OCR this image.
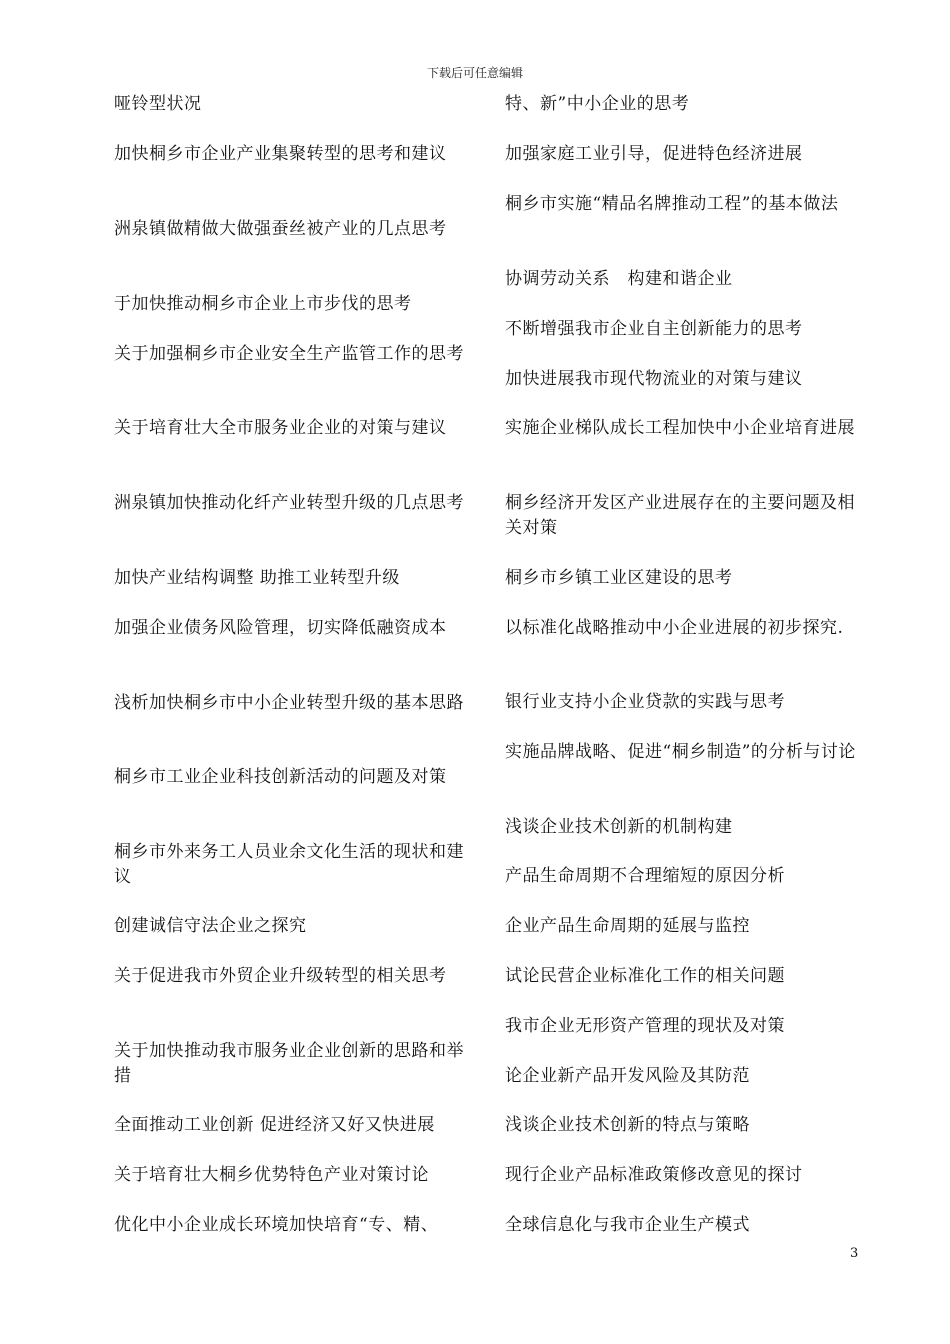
下载后可任意编辑
哑铃型状况
加快桐乡市企业产业集聚转型的思考和建议
洲泉镇做精做大做强蚕丝被产业的几点思考
于加快推动桐乡市企业上市步伐的思考
关于加强桐乡市企业安全生产监管工作的思考
关于培育壮大全市服务业企业的对策与建议
洲泉镇加快推动化纤产业转型升级的几点思考
加快产业结构调整 助推工业转型升级
加强企业债务风险管理，切实降低融资成本
浅析加快桐乡市中小企业转型升级的基本思路
桐乡市工业企业科技创新活动的问题及对策
桐乡市外来务工人员业余文化生活的现状和建议
创建诚信守法企业之探究
关于促进我市外贸企业升级转型的相关思考
关于加快推动我市服务业企业创新的思路和举措
全面推动工业创新 促进经济又好又快进展
关于培育壮大桐乡优势特色产业对策讨论
优化中小企业成长环境加快培育“专、精、
特、新”中小企业的思考
加强家庭工业引导，促进特色经济进展
桐乡市实施“精品名牌推动工程”的基本做法
协调劳动关系　构建和谐企业
不断增强我市企业自主创新能力的思考
加快进展我市现代物流业的对策与建议
实施企业梯队成长工程加快中小企业培育进展
桐乡经济开发区产业进展存在的主要问题及相关对策
桐乡市乡镇工业区建设的思考
以标准化战略推动中小企业进展的初步探究.
银行业支持小企业贷款的实践与思考
实施品牌战略、促进“桐乡制造”的分析与讨论
浅谈企业技术创新的机制构建
产品生命周期不合理缩短的原因分析
企业产品生命周期的延展与监控
试论民营企业标准化工作的相关问题
我市企业无形资产管理的现状及对策
论企业新产品开发风险及其防范
浅谈企业技术创新的特点与策略
现行企业产品标准政策修改意见的探讨
全球信息化与我市企业生产模式
3
